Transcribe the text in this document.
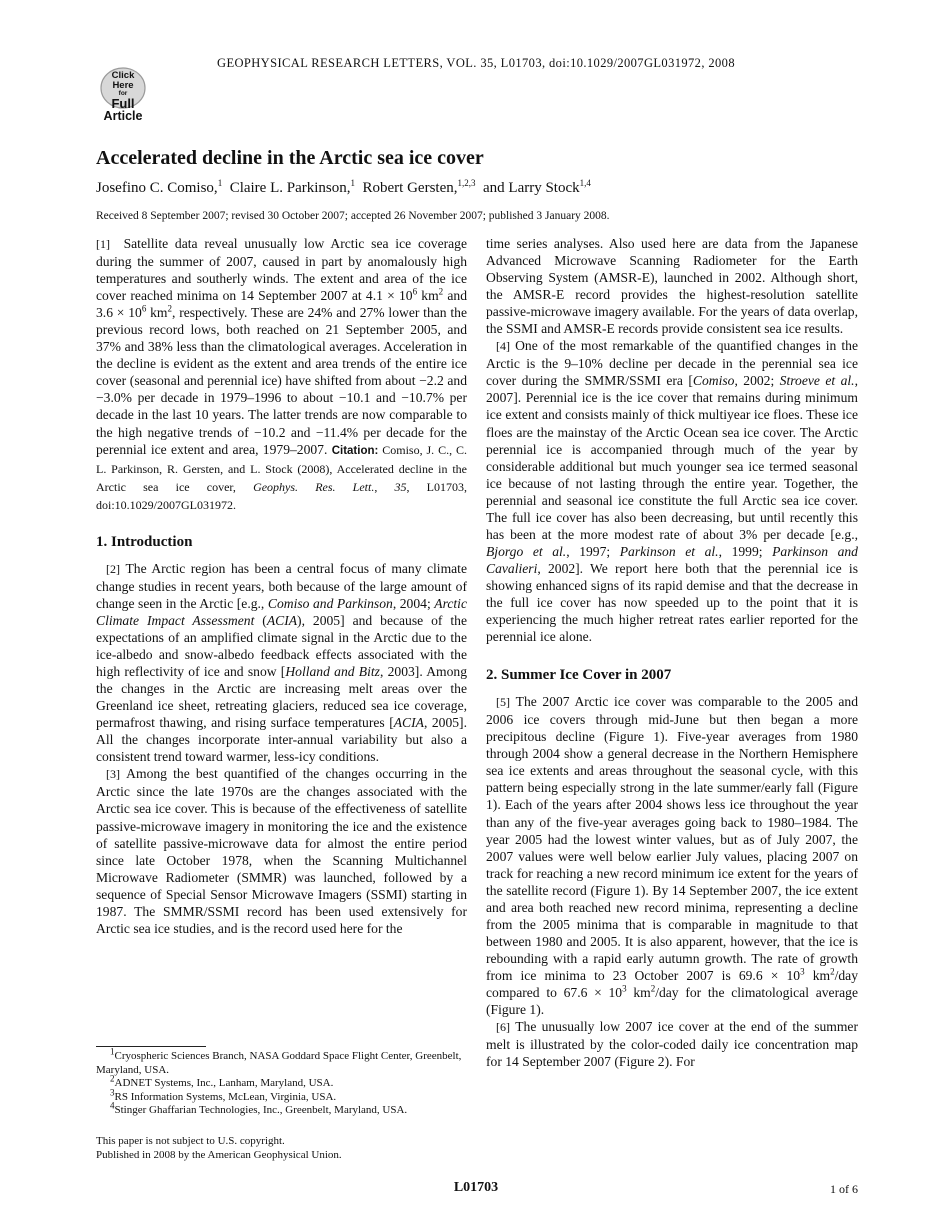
GEOPHYSICAL RESEARCH LETTERS, VOL. 35, L01703, doi:10.1029/2007GL031972, 2008
Click
Here
for
Full
Article
Accelerated decline in the Arctic sea ice cover
Josefino C. Comiso,$^1$ Claire L. Parkinson,$^1$ Robert Gersten,$^{1,2,3}$ and Larry Stock$^{1,4}$
Received 8 September 2007; revised 30 October 2007; accepted 26 November 2007; published 3 January 2008.

[1] Satellite data reveal unusually low Arctic sea ice coverage during the summer of 2007, caused in part by anomalously high temperatures and southerly winds. The extent and area of the ice cover reached minima on 14 September 2007 at $4.1 \times 10^6$ $km^2$ and $3.6 \times 10^6$ $km^2$, respectively. These are 24% and 27% lower than the previous record lows, both reached on 21 September 2005, and 37% and 38% less than the climatological averages. Acceleration in the decline is evident as the extent and area trends of the entire ice cover (seasonal and perennial ice) have shifted from about −2.2 and −3.0% per decade in 1979–1996 to about −10.1 and −10.7% per decade in the last 10 years. The latter trends are now comparable to the high negative trends of −10.2 and −11.4% per decade for the perennial ice extent and area, 1979–2007. Citation: Comiso, J. C., C. L. Parkinson, R. Gersten, and L. Stock (2008), Accelerated decline in the Arctic sea ice cover, Geophys. Res. Lett., 35, L01703, doi:10.1029/2007GL031972.

1. Introduction

[2] The Arctic region has been a central focus of many climate change studies in recent years, both because of the large amount of change seen in the Arctic [e.g., Comiso and Parkinson, 2004; Arctic Climate Impact Assessment (ACIA), 2005] and because of the expectations of an amplified climate signal in the Arctic due to the ice-albedo and snow-albedo feedback effects associated with the high reflectivity of ice and snow [Holland and Bitz, 2003]. Among the changes in the Arctic are increasing melt areas over the Greenland ice sheet, retreating glaciers, reduced sea ice coverage, permafrost thawing, and rising surface temperatures [ACIA, 2005]. All the changes incorporate inter-annual variability but also a consistent trend toward warmer, less-icy conditions.

[3] Among the best quantified of the changes occurring in the Arctic since the late 1970s are the changes associated with the Arctic sea ice cover. This is because of the effectiveness of satellite passive-microwave imagery in monitoring the ice and the existence of satellite passive-microwave data for almost the entire period since late October 1978, when the Scanning Multichannel Microwave Radiometer (SMMR) was launched, followed by a sequence of Special Sensor Microwave Imagers (SSMI) starting in 1987. The SMMR/SSMI record has been used extensively for Arctic sea ice studies, and is the record used here for the

time series analyses. Also used here are data from the Japanese Advanced Microwave Scanning Radiometer for the Earth Observing System (AMSR-E), launched in 2002. Although short, the AMSR-E record provides the highest-resolution satellite passive-microwave imagery available. For the years of data overlap, the SSMI and AMSR-E records provide consistent sea ice results.

[4] One of the most remarkable of the quantified changes in the Arctic is the 9–10% decline per decade in the perennial sea ice cover during the SMMR/SSMI era [Comiso, 2002; Stroeve et al., 2007]. Perennial ice is the ice cover that remains during minimum ice extent and consists mainly of thick multiyear ice floes. These ice floes are the mainstay of the Arctic Ocean sea ice cover. The Arctic perennial ice is accompanied through much of the year by considerable additional but much younger sea ice termed seasonal ice because of not lasting through the entire year. Together, the perennial and seasonal ice constitute the full Arctic sea ice cover. The full ice cover has also been decreasing, but until recently this has been at the more modest rate of about 3% per decade [e.g., Bjorgo et al., 1997; Parkinson et al., 1999; Parkinson and Cavalieri, 2002]. We report here both that the perennial ice is showing enhanced signs of its rapid demise and that the decrease in the full ice cover has now speeded up to the point that it is experiencing the much higher retreat rates earlier reported for the perennial ice alone.

2. Summer Ice Cover in 2007

[5] The 2007 Arctic ice cover was comparable to the 2005 and 2006 ice covers through mid-June but then began a more precipitous decline (Figure 1). Five-year averages from 1980 through 2004 show a general decrease in the Northern Hemisphere sea ice extents and areas throughout the seasonal cycle, with this pattern being especially strong in the late summer/early fall (Figure 1). Each of the years after 2004 shows less ice throughout the year than any of the five-year averages going back to 1980–1984. The year 2005 had the lowest winter values, but as of July 2007, the 2007 values were well below earlier July values, placing 2007 on track for reaching a new record minimum ice extent for the years of the satellite record (Figure 1). By 14 September 2007, the ice extent and area both reached new record minima, representing a decline from the 2005 minima that is comparable in magnitude to that between 1980 and 2005. It is also apparent, however, that the ice is rebounding with a rapid early autumn growth. The rate of growth from ice minima to 23 October 2007 is $69.6 \times 10^3$ $km^2$/day compared to $67.6 \times 10^3$ $km^2$/day for the climatological average (Figure 1).

[6] The unusually low 2007 ice cover at the end of the summer melt is illustrated by the color-coded daily ice concentration map for 14 September 2007 (Figure 2). For

$^1$Cryospheric Sciences Branch, NASA Goddard Space Flight Center, Greenbelt, Maryland, USA.
$^2$ADNET Systems, Inc., Lanham, Maryland, USA.
$^3$RS Information Systems, McLean, Virginia, USA.
$^4$Stinger Ghaffarian Technologies, Inc., Greenbelt, Maryland, USA.
This paper is not subject to U.S. copyright.
Published in 2008 by the American Geophysical Union.
L01703	1 of 6
